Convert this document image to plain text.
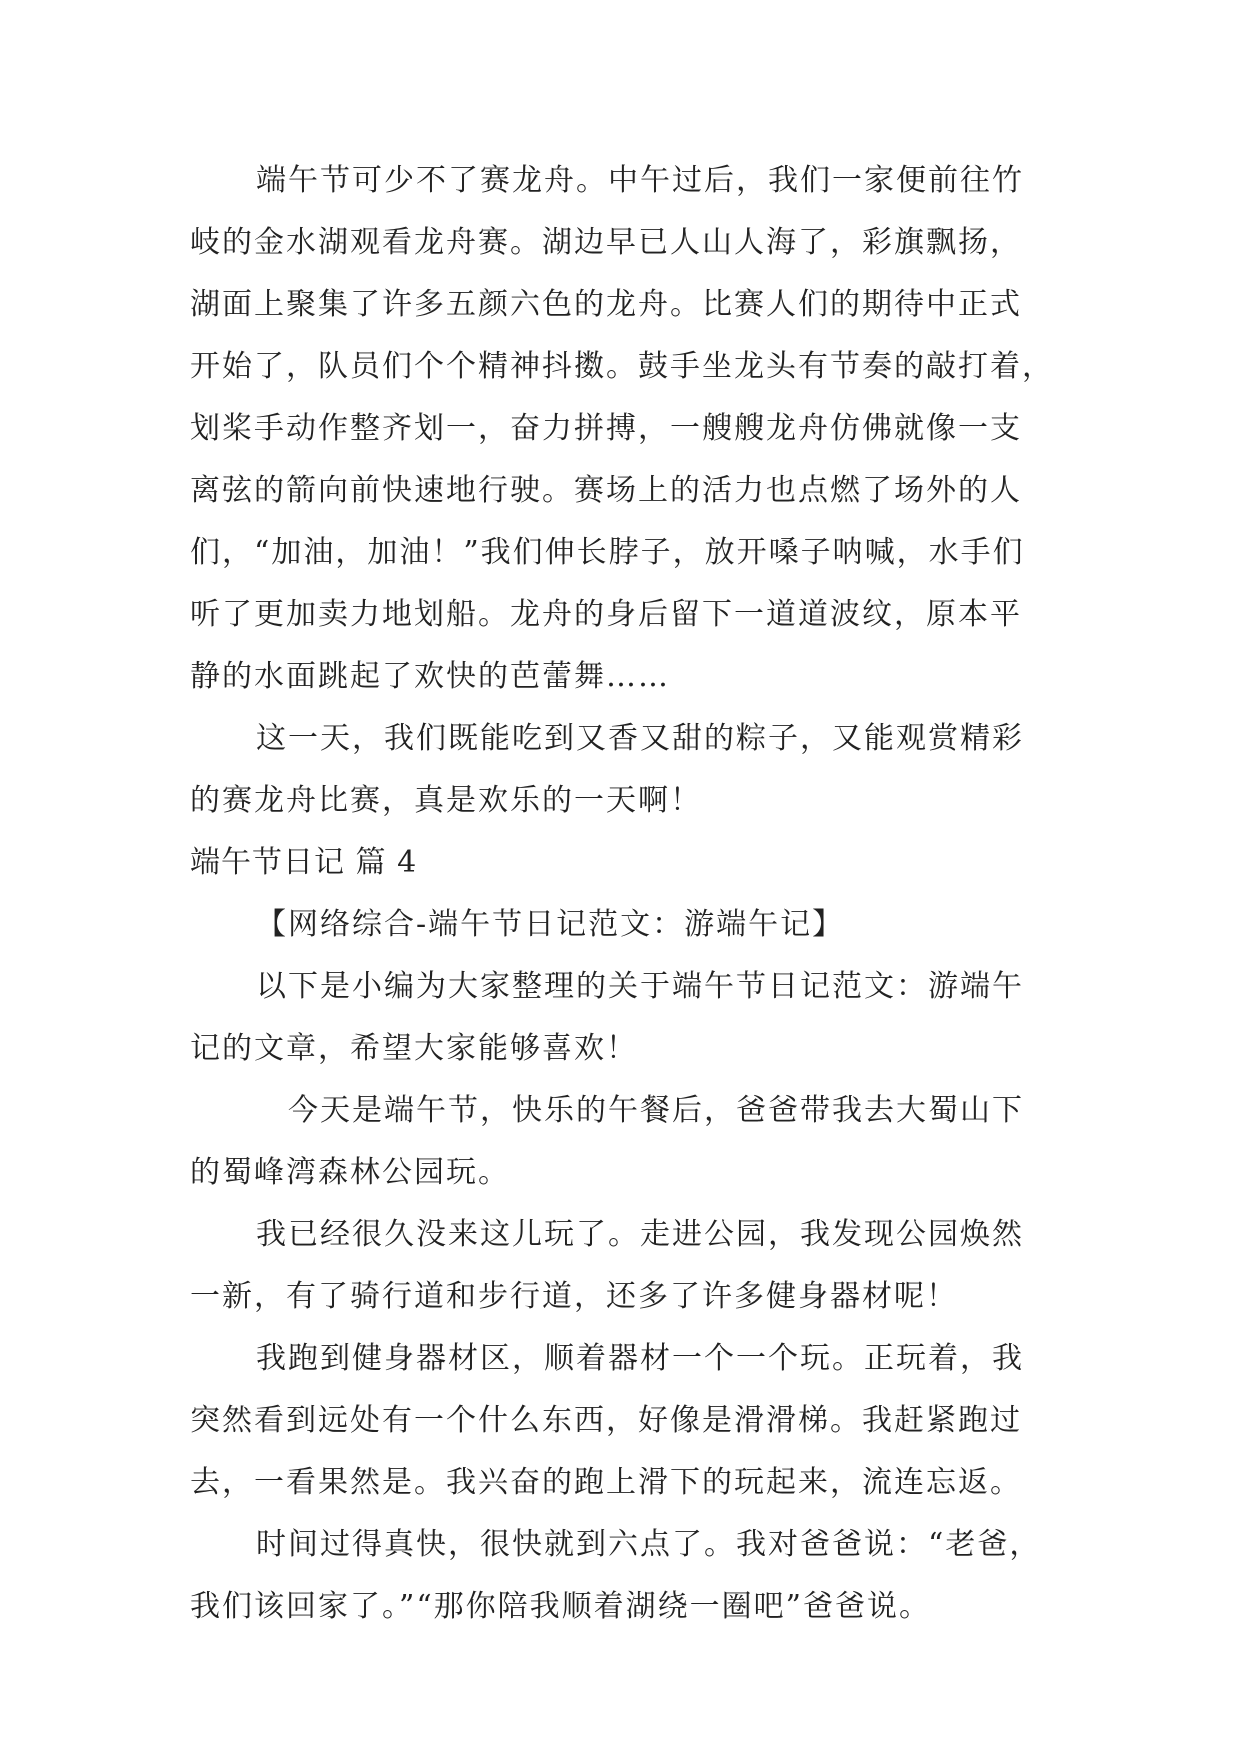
端午节可少不了赛龙舟。中午过后，我们一家便前往竹
岐的金水湖观看龙舟赛。湖边早已人山人海了，彩旗飘扬，
湖面上聚集了许多五颜六色的龙舟。比赛人们的期待中正式
开始了，队员们个个精神抖擞。鼓手坐龙头有节奏的敲打着，
划桨手动作整齐划一，奋力拼搏，一艘艘龙舟仿佛就像一支
离弦的箭向前快速地行驶。赛场上的活力也点燃了场外的人
们，“加油，加油！”我们伸长脖子，放开嗓子呐喊，水手们
听了更加卖力地划船。龙舟的身后留下一道道波纹，原本平
静的水面跳起了欢快的芭蕾舞……
这一天，我们既能吃到又香又甜的粽子，又能观赏精彩
的赛龙舟比赛，真是欢乐的一天啊！
端午节日记 篇 4
【网络综合-端午节日记范文：游端午记】
以下是小编为大家整理的关于端午节日记范文：游端午
记的文章，希望大家能够喜欢！
今天是端午节，快乐的午餐后，爸爸带我去大蜀山下
的蜀峰湾森林公园玩。
我已经很久没来这儿玩了。走进公园，我发现公园焕然
一新，有了骑行道和步行道，还多了许多健身器材呢！
我跑到健身器材区，顺着器材一个一个玩。正玩着，我
突然看到远处有一个什么东西，好像是滑滑梯。我赶紧跑过
去，一看果然是。我兴奋的跑上滑下的玩起来，流连忘返。
时间过得真快，很快就到六点了。我对爸爸说：“老爸，
我们该回家了。”“那你陪我顺着湖绕一圈吧”爸爸说。
